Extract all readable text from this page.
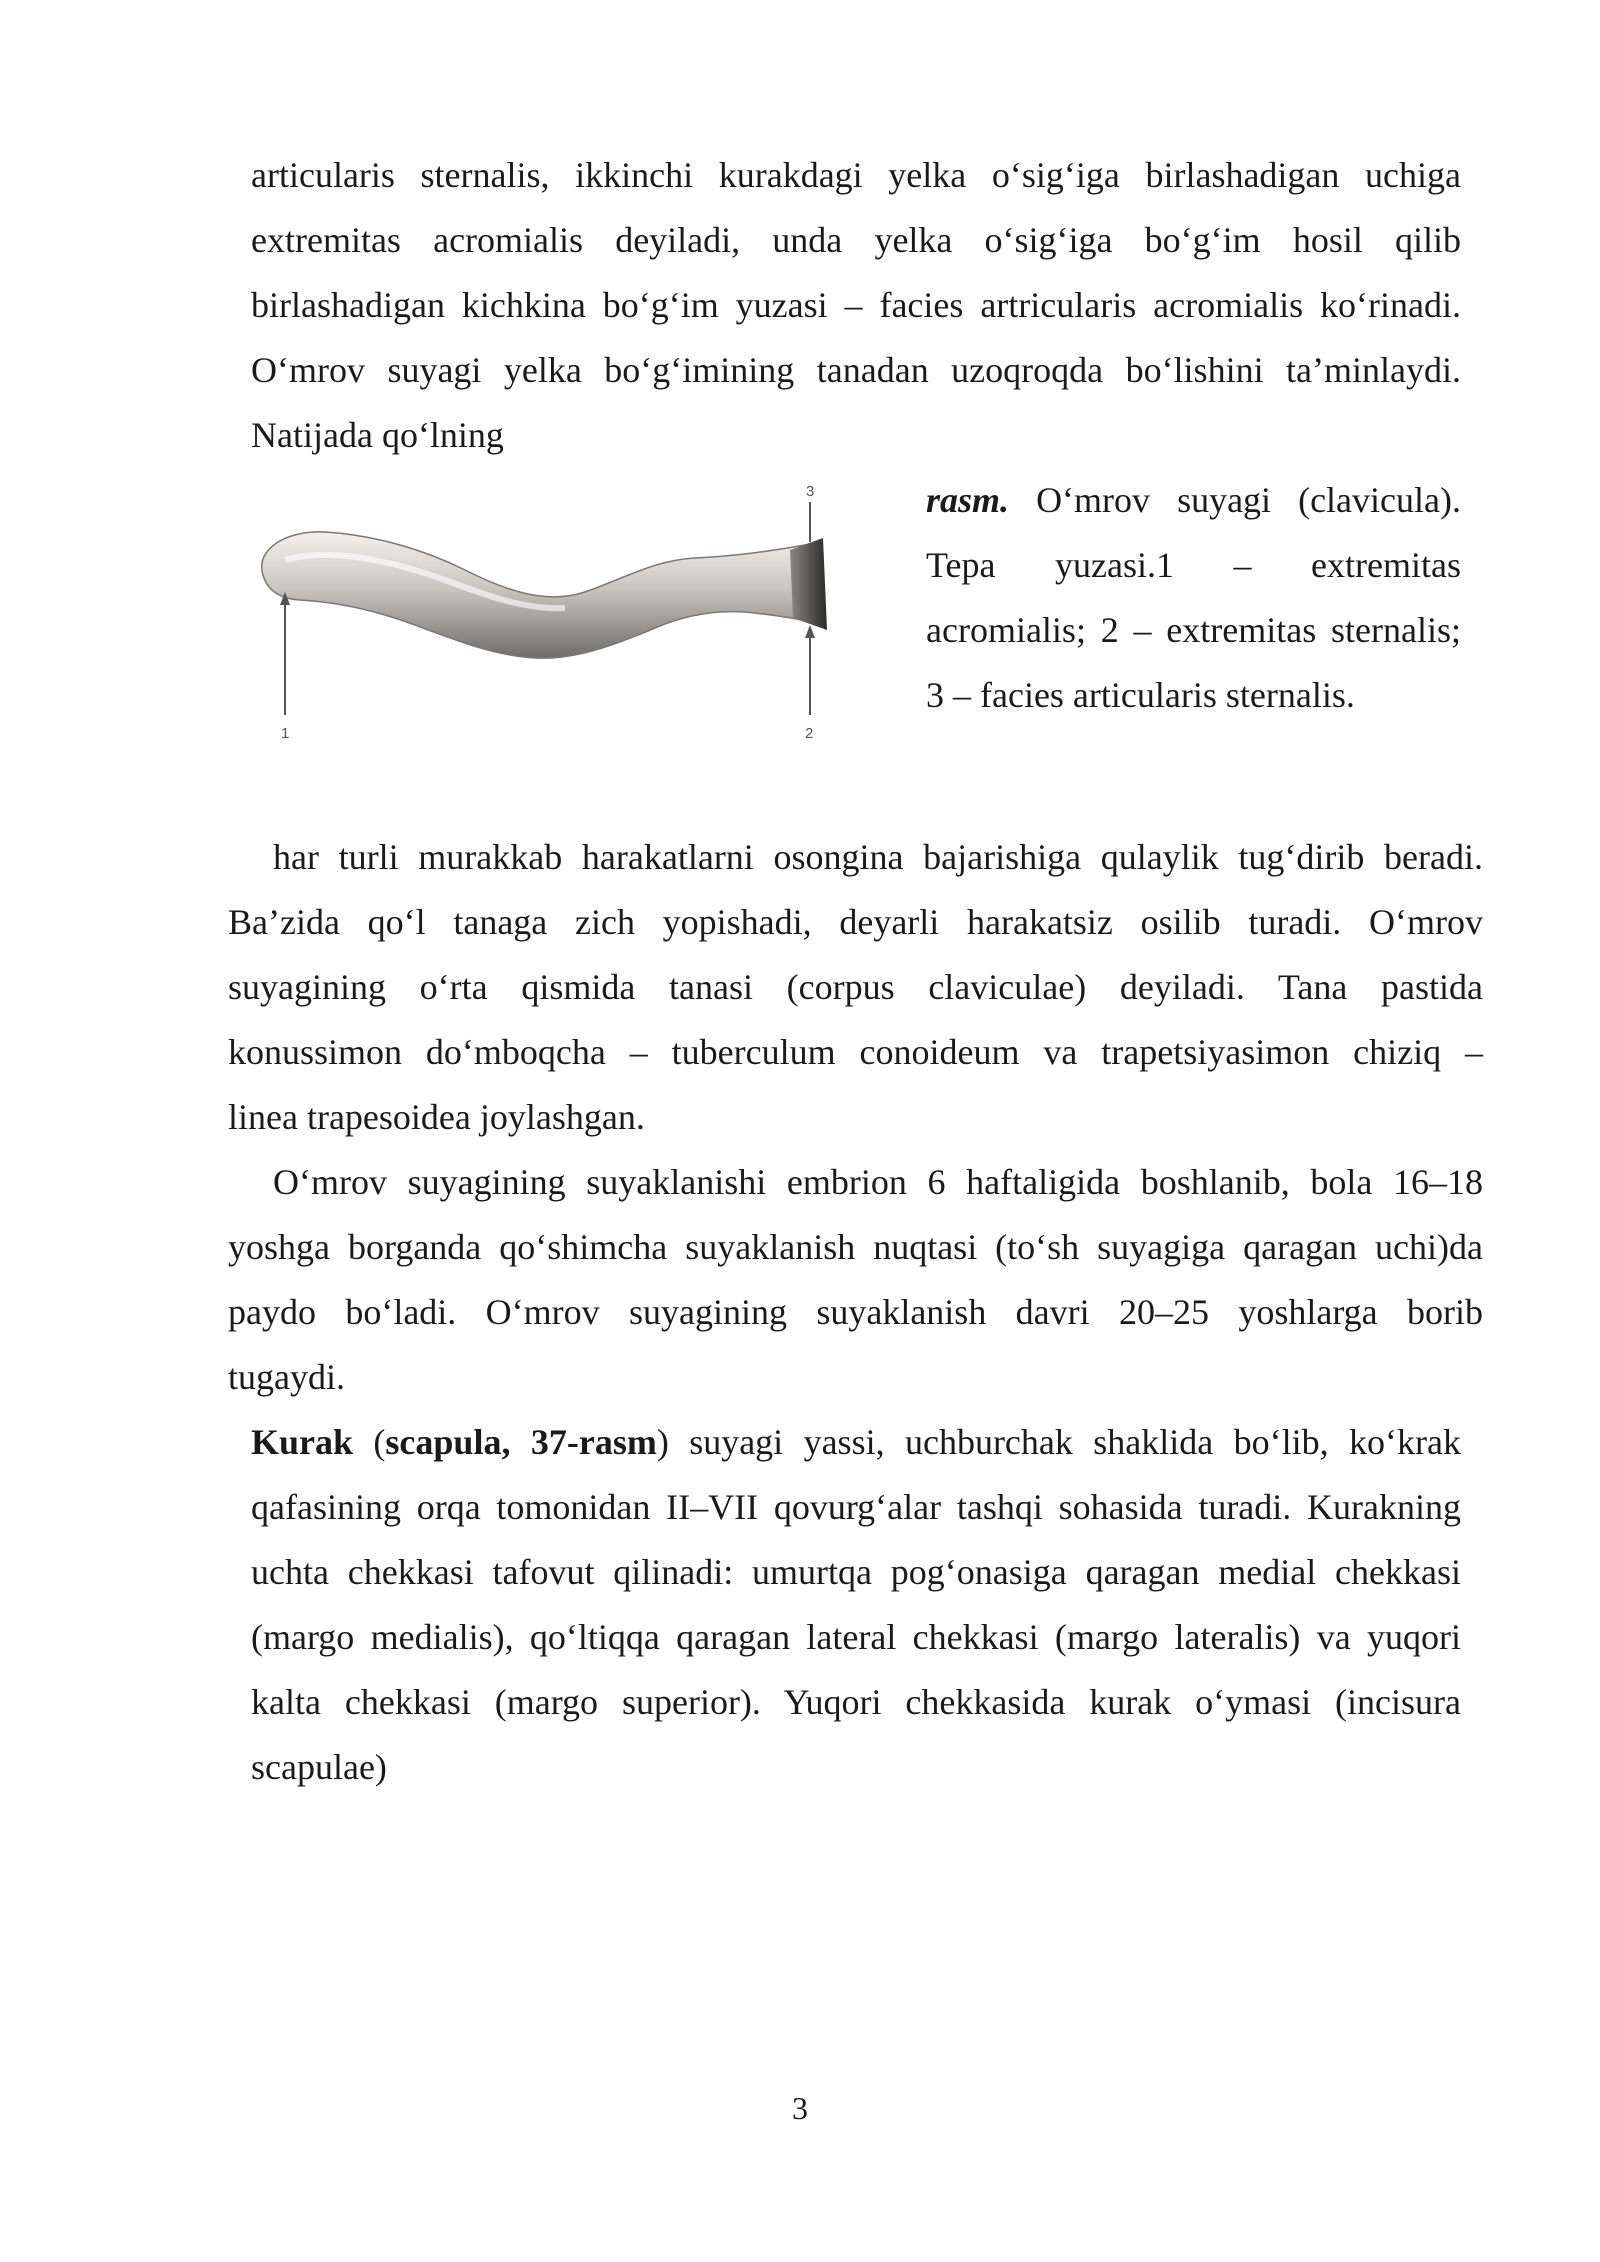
articularis sternalis, ikkinchi kurakdagi yelka o‘sig‘iga birlashadigan uchiga
extremitas acromialis deyiladi, unda yelka o‘sig‘iga bo‘g‘im hosil qilib
birlashadigan kichkina bo‘g‘im yuzasi – facies artricularis acromialis ko‘rinadi.
O‘mrov suyagi yelka bo‘g‘imining tanadan uzoqroqda bo‘lishini ta’minlaydi.
Natijada qo‘lning

1	2
3	rasm. O‘mrov suyagi (clavicula).
Tepa yuzasi.1 – extremitas
acromialis; 2 – extremitas sternalis;
3 – facies articularis sternalis.

har turli murakkab harakatlarni osongina bajarishiga qulaylik tug‘dirib beradi.
Ba’zida qo‘l tanaga zich yopishadi, deyarli harakatsiz osilib turadi. O‘mrov
suyagining o‘rta qismida tanasi (corpus claviculae) deyiladi. Tana pastida
konussimon do‘mboqcha – tuberculum conoideum va trapetsiyasimon chiziq –
linea trapesoidea joylashgan.

O‘mrov suyagining suyaklanishi embrion 6 haftaligida boshlanib, bola 16–18
yoshga borganda qo‘shimcha suyaklanish nuqtasi (to‘sh suyagiga qaragan uchi)da
paydo bo‘ladi. O‘mrov suyagining suyaklanish davri 20–25 yoshlarga borib
tugaydi.

Kurak (scapula, 37-rasm) suyagi yassi, uchburchak shaklida bo‘lib, ko‘krak
qafasining orqa tomonidan II–VII qovurg‘alar tashqi sohasida turadi. Kurakning
uchta chekkasi tafovut qilinadi: umurtqa pog‘onasiga qaragan medial chekkasi
(margo medialis), qo‘ltiqqa qaragan lateral chekkasi (margo lateralis) va yuqori
kalta chekkasi (margo superior). Yuqori chekkasida kurak o‘ymasi (incisura
scapulae)

3
